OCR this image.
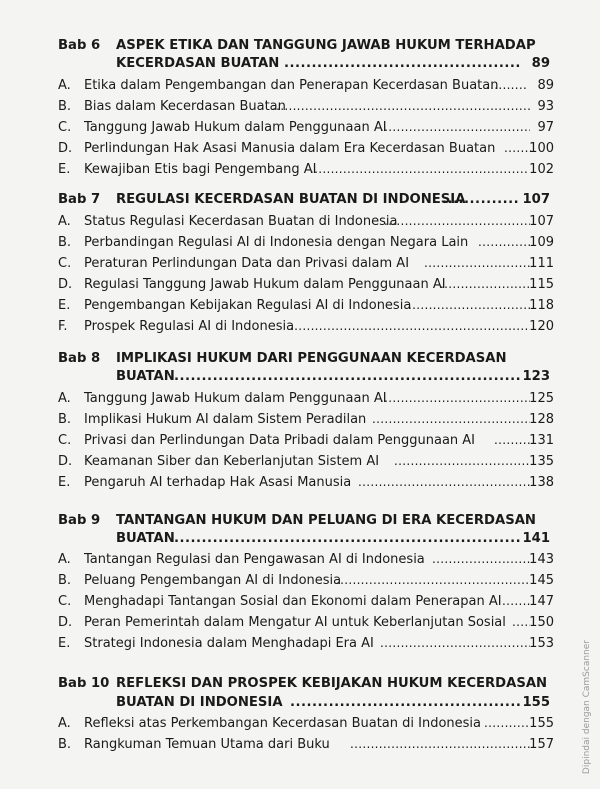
Bab 6 ASPEK ETIKA DAN TANGGUNG JAWAB HUKUM TERHADAP
KECERDASAN BUATAN .....	89
A.	Etika dalam Pengembangan dan Penerapan Kecerdasan Buatan .....	89
B. Bias dalam Kecerdasan Buatan .....	93
C. Tanggung Jawab Hukum dalam Penggunaan AI .....	97
D. Perlindungan Hak Asasi Manusia dalam Era Kecerdasan Buatan .....	100
E.	Kewajiban Etis bagi Pengembang AI .....	102
Bab 7 REGULASI KECERDASAN BUATAN DI INDONESIA .....	107
A.	Status Regulasi Kecerdasan Buatan di Indonesia .....	107
B. Perbandingan Regulasi AI di Indonesia dengan Negara Lain .....	109
C. Peraturan Perlindungan Data dan Privasi dalam AI .....	111
D. Regulasi Tanggung Jawab Hukum dalam Penggunaan AI .....	115
E.	Pengembangan Kebijakan Regulasi AI di Indonesia .....	118
F.	Prospek Regulasi AI di Indonesia .....	120
Bab 8 IMPLIKASI HUKUM DARI PENGGUNAAN KECERDASAN
BUATAN .....	123
A.	Tanggung Jawab Hukum dalam Penggunaan AI .....	125
B. Implikasi Hukum AI dalam Sistem Peradilan .....	128
C. Privasi dan Perlindungan Data Pribadi dalam Penggunaan AI .....	131
D. Keamanan Siber dan Keberlanjutan Sistem AI .....	135
E.	Pengaruh AI terhadap Hak Asasi Manusia .....	138
Bab 9 TANTANGAN HUKUM DAN PELUANG DI ERA KECERDASAN
BUATAN .....	141
A.	Tantangan Regulasi dan Pengawasan AI di Indonesia .....	143
B. Peluang Pengembangan AI di Indonesia .....	145
C. Menghadapi Tantangan Sosial dan Ekonomi dalam Penerapan AI ..... 147
D. Peran Pemerintah dalam Mengatur AI untuk Keberlanjutan Sosial ..... 150
E.	Strategi Indonesia dalam Menghadapi Era AI .....	153
Bab 10 REFLEKSI DAN PROSPEK KEBIJAKAN HUKUM KECERDASAN
BUATAN DI INDONESIA .....	155
A.	Refleksi atas Perkembangan Kecerdasan Buatan di Indonesia .....	155
B. Rangkuman Temuan Utama dari Buku .....	157	Dipindai dengan CamScanner
